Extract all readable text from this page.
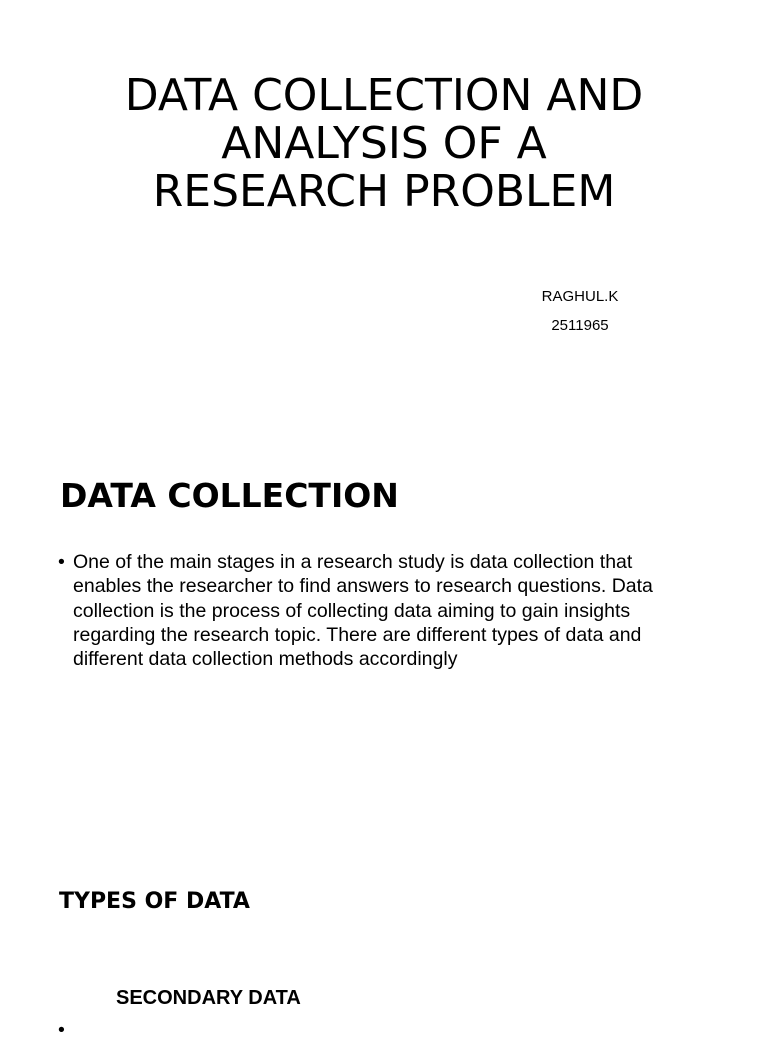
DATA COLLECTION AND
ANALYSIS OF A
RESEARCH PROBLEM
RAGHUL.K
2511965
DATA COLLECTION
• One of the main stages in a research study is data collection that enables the researcher to find answers to research questions. Data collection is the process of collecting data aiming to gain insights regarding the research topic. There are different types of data and different data collection methods accordingly
TYPES OF DATA
SECONDARY DATA
•
